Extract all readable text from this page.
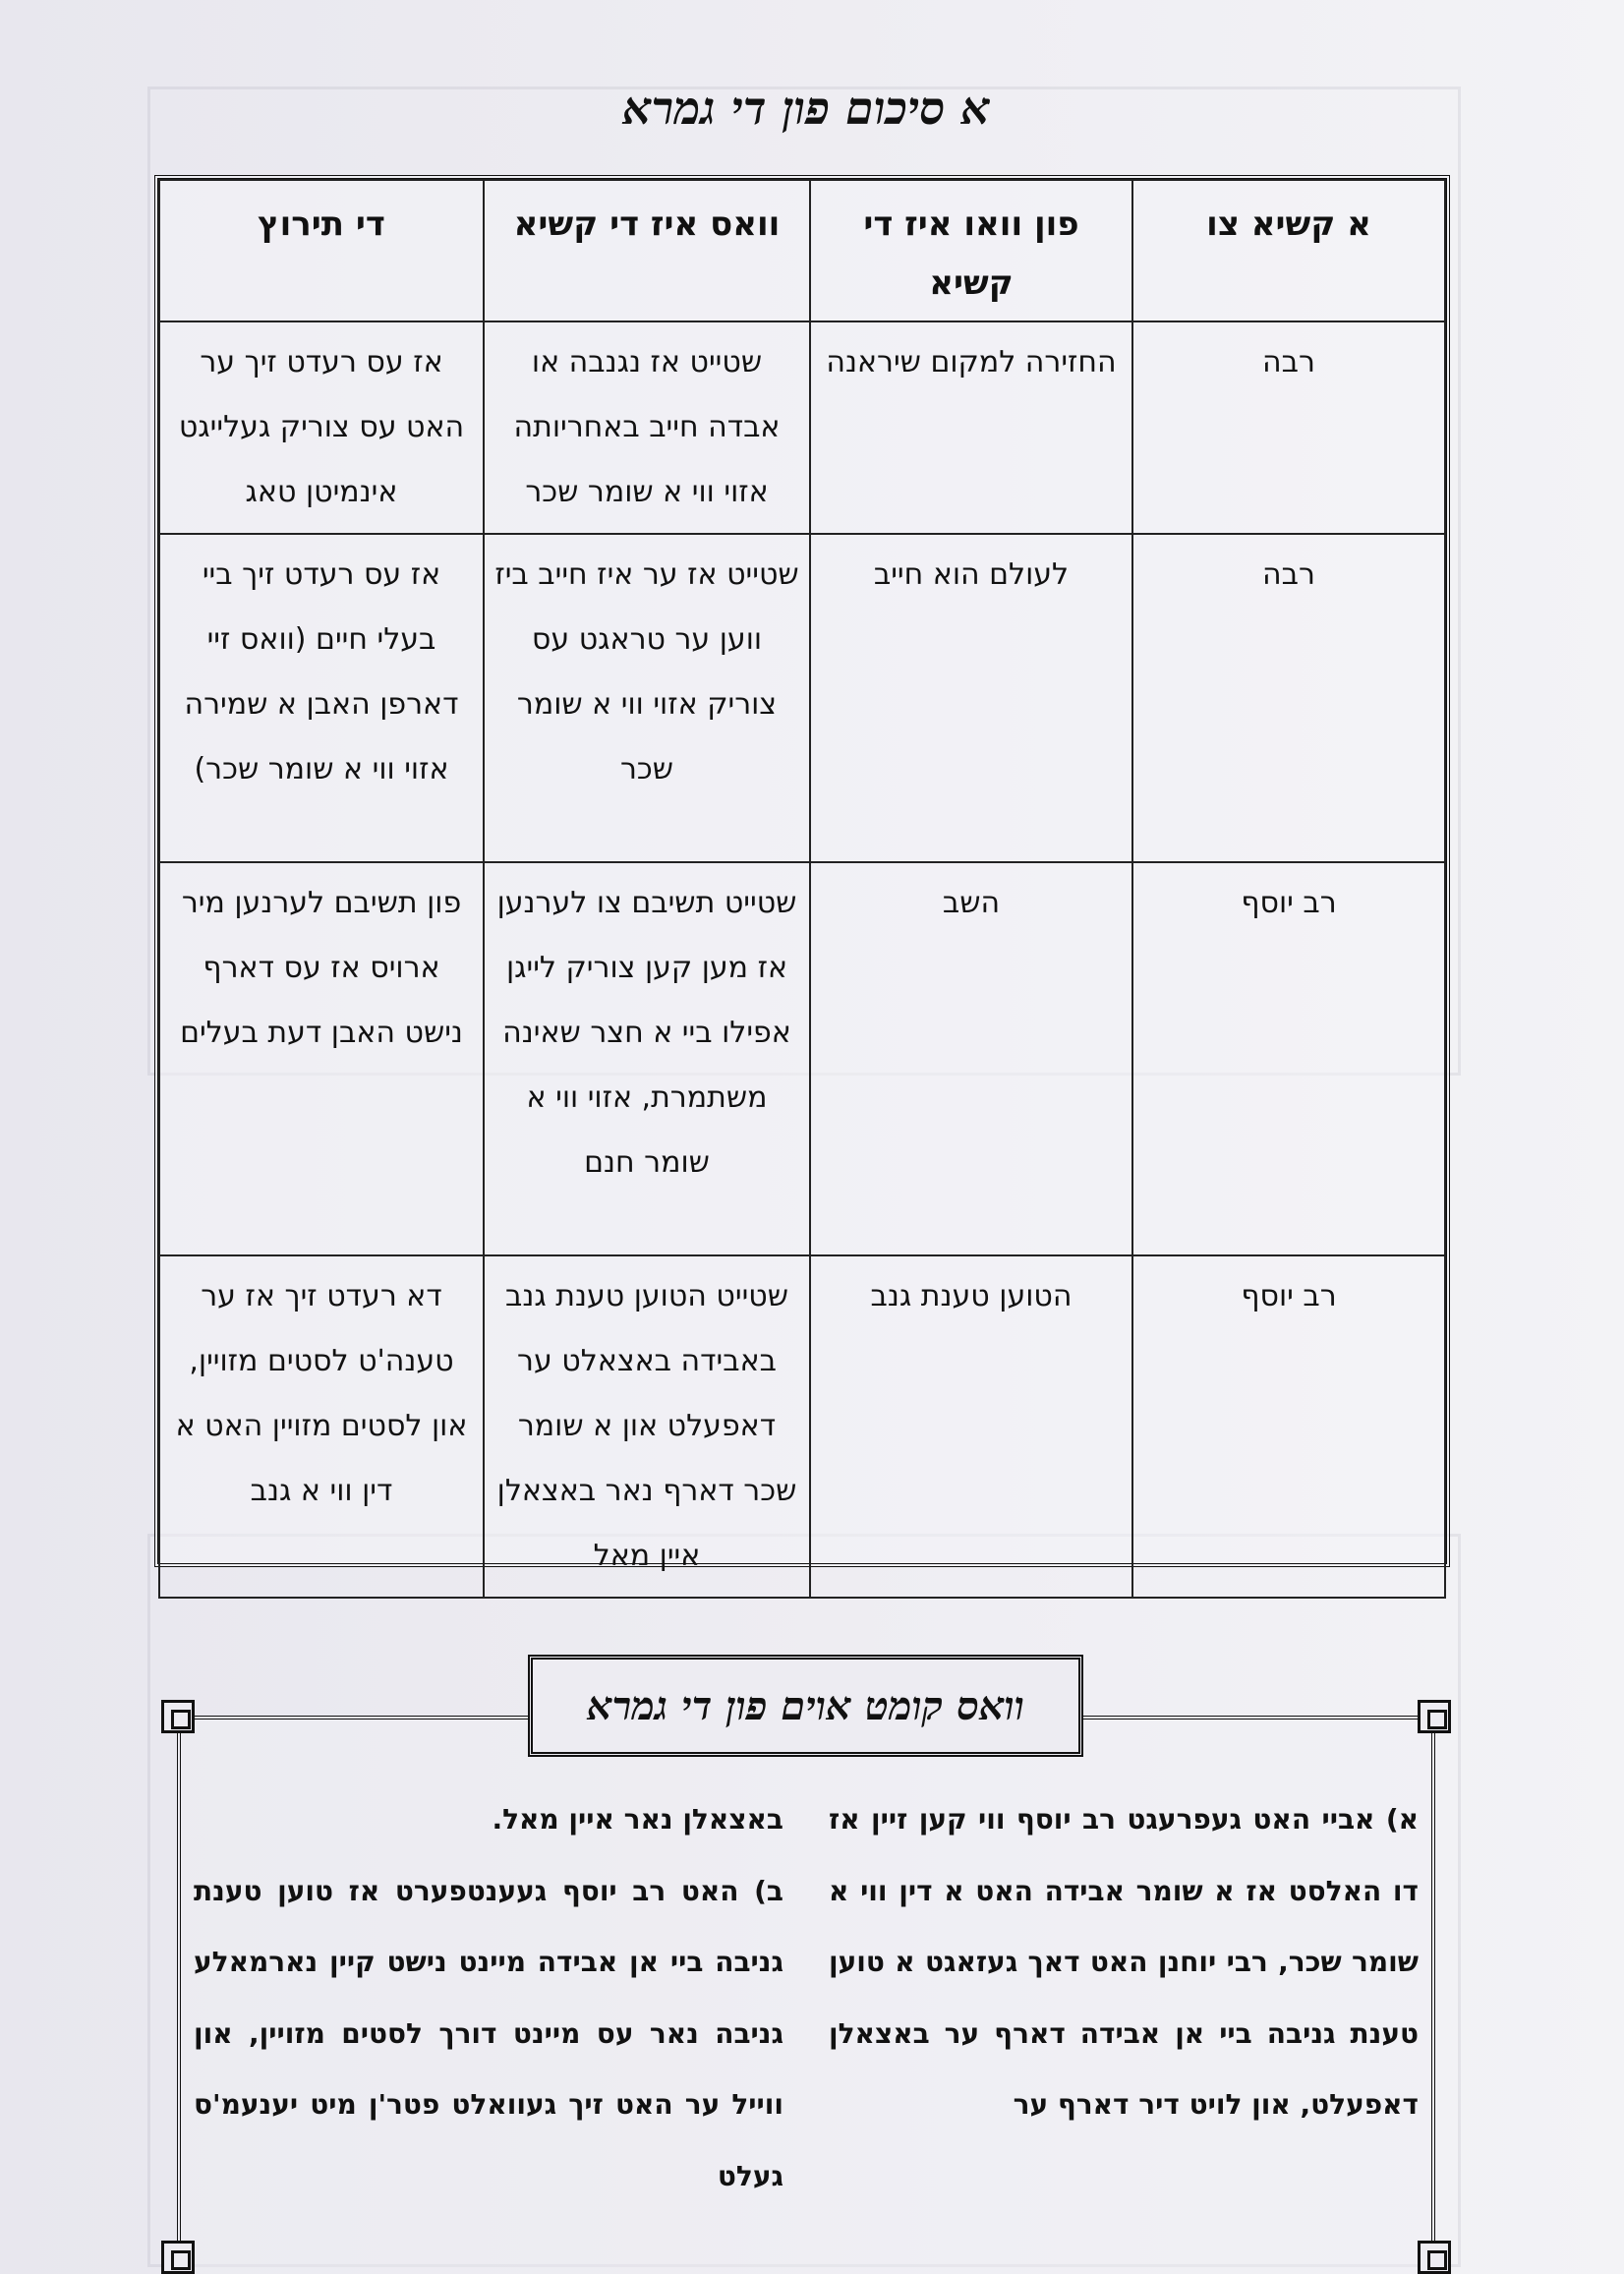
א סיכום פון די גמרא
א קשיא צו	פון וואו איז די קשיא	וואס איז די קשיא	די תירוץ
רבה	החזירה למקום שיראנה	שטייט אז נגנבה או אבדה חייב באחריותה אזוי ווי א שומר שכר	אז עס רעדט זיך ער האט עס צוריק געלייגט אינמיטן טאג
רבה	לעולם הוא חייב	שטייט אז ער איז חייב ביז ווען ער טראגט עס צוריק אזוי ווי א שומר שכר	אז עס רעדט זיך ביי בעלי חיים (וואס זיי דארפן האבן א שמירה אזוי ווי א שומר שכר)
רב יוסף	השב	שטייט תשיבם צו לערנען אז מען קען צוריק לייגן אפילו ביי א חצר שאינה משתמרת, אזוי ווי א שומר חנם	פון תשיבם לערנען מיר ארויס אז עס דארף נישט האבן דעת בעלים
רב יוסף	הטוען טענת גנב	שטייט הטוען טענת גנב באבידה באצאלט ער דאפעלט און א שומר שכר דארף נאר באצאלן איין מאל	דא רעדט זיך אז ער טענה'ט לסטים מזויין, און לסטים מזויין האט א דין ווי א גנב
וואס קומט אוים פון די גמרא

א) אביי האט געפרעגט רב יוסף ווי קען זיין אז דו האלסט אז א שומר אבידה האט א דין ווי א שומר שכר, רבי יוחנן האט דאך געזאגט א טוען טענת גניבה ביי אן אבידה דארף ער באצאלן דאפעלט, און לויט דיר דארף ער

באצאלן נאר איין מאל.

ב) האט רב יוסף געענטפערט אז טוען טענת גניבה ביי אן אבידה מיינט נישט קיין נארמאלע גניבה נאר עס מיינט דורך לסטים מזויין, און ווייל ער האט זיך געוואלט פטר'ן מיט יענעמ'ס געלט
